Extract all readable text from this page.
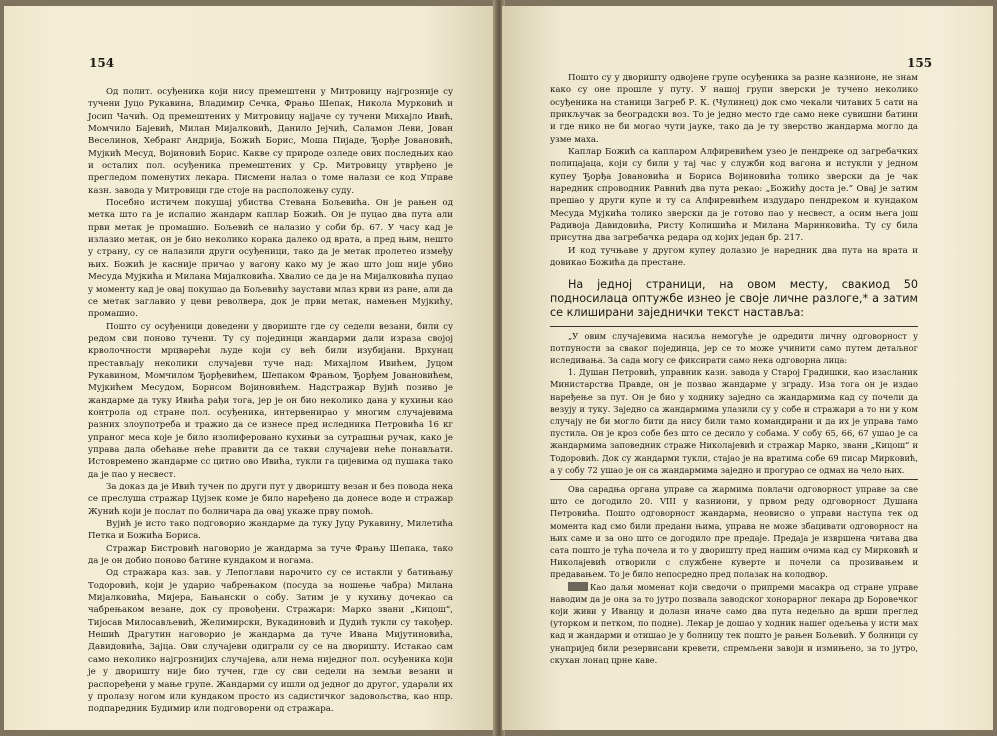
154

Од полит. осуђеника који нису премештени у Митровицу најгрозније су тучени Јуцо Рукавина, Владимир Сечка, Фрањо Шепак, Никола Мурковић и Јосип Чачић. Од премештених у Митровицу најјаче су тучени Михајло Ивић, Момчило Бајевић, Милан Мијалковић, Данило Јејчић, Саламон Леви, Јован Веселинов, Хебранг Андрија, Божић Борис, Моша Пијаде, Ђорђе Јовановић, Мујкић Месуд, Војиновић Борис. Какве су природе озледе ових последњих као и осталих пол. осуђеника премештених у Ср. Митровицу утврђено је прегледом поменутих лекара. Писмени налаз о томе налази се код Управе казн. завода у Митровици где стоје на расположењу суду.

Посебно истичем покушај убиства Стевана Бољевића. Он је рањен од метка што га је испалио жандарм каплар Божић. Он је пуцао два пута али први метак је промашио. Бољевић се налазио у соби бр. 67. У часу кад је излазио метак, он је био неколико корака далеко од врата, а пред њим, нешто у страну, су се налазили други осуђеници, тако да је метак пролетео између њих. Божић је касније причао у вагону како му је жао што још није убио Месуда Мујкића и Милана Мијалковића. Хвалио се да је на Мијалковића пуцао у моменту кад је овај покушао да Бољевићу заустави млаз крви из ране, али да се метак заглавио у цеви револвера, док је први метак, намењен Мујкићу, промашио.

Пошто су осуђеници доведени у двориште где су седели везани, били су редом сви поново тучени. Ту су појединци жандарми дали израза својој крволочности мрцварећи људе који су већ били изубијани. Врхунац престављају неколики случајеви туче над: Михајлом Ивићем, Јуцом Рукавином, Момчилом Ђорђевићем, Шепаком Фрањом, Ђорђем Јовановићем, Мујкићем Месудом, Борисом Војиновићем. Надстражар Вујић позиво је жандарме да туку Ивића рађи тога, јер је он био неколико дана у кухињи као контрола од стране пол. осуђеника, интервенирао у многим случајевима разних злоупотреба и тражио да се изнесе пред иследника Петровића 16 кг упраног меса које је било изолиферовано кухињи за сутрашњи ручак, како је управа дала обећање неће правити да се такви случајеви неће понављати. Истовремено жандарме сс цитио ово Ивића, тукли га цијевима од пушака тако да је пао у несвест.

За доказ да је Ивић тучен по други пут у дворишту везан и без повода нека се преслуша стражар Цујзек коме је било наређено да донесе воде и стражар Жунић који је послат по болничара да овај укаже прву помоћ.

Вујић је исто тако подговорио жандарме да туку Јуцу Рукавину, Милетића Петка и Божића Бориса.

Стражар Бистровић наговорио је жандарма за туче Фрању Шепака, тако да је он добио поново батине кундаком и ногама.

Од стражара каз. зав. у Лепоглави нарочито су се истакли у батињању Тодоровић, који је ударио чабрењаком (посуда за ношење чабра) Милана Мијалковића, Мијера, Бањански о собу. Затим је у кухињу дочекао са чабрењаком везане, док су провођени. Стражари: Марко звани „Кицош“, Тијосав Милосављевић, Желимирски, Вукадиновић и Дудић тукли су такођер. Нешић Драгутин наговорио је жандарма да туче Ивана Мијутиновића, Давидовића, Зајца. Ови случајеви одиграли су се на дворишту. Истакао сам само неколико најгрознијих случајева, али нема ниједног пол. осуђеника који је у дворишту није био тучен, где су сви седели на земљи везани и распоређени у мање групе. Жандарми су ишли од једног до другог, ударали их у пролазу ногом или кундаком просто из садистичког задовољства, као нпр. подпаредник Будимир или подговорени од стражара.

155

Пошто су у дворишту одвојене групе осуђеника за разне казнионе, не знам како су оне прошле у путу. У нашој групи зверски је тучено неколико осуђеника на станици Загреб Р. К. (Чулинец) док смо чекали читавих 5 сати на прикључак за београдски воз. То је једно место где само неке сувишни батини и где нико не би могао чути јауке, тако да је ту зверство жандарма могло да узме маха.

Каплар Божић са капларом Алфиревићем узео је пендреке од загребачких полицајаца, који су били у тај час у служби код вагона и истукли у једном купеу Ђорђа Јовановића и Бориса Војиновића толико зверски да је чак наредник спроводник Равнић два пута рекао: „Божићу доста је.“ Овај је затим прешао у други купе и ту са Алфиревићем издударо пендреком и кундаком Месуда Мујкића толико зверски да је готово пао у несвест, а осим њега још Радивоја Давидовића, Ристу Колишића и Милана Маринковића. Ту су била присутна два загребачка редара од којих један бр. 217.

И код тучњаве у другом купеу долазио је наредник два пута на врата и довикао Божића да престане.

На једној страници, на овом месту, свакиод 50 подносилаца оптужбе изнео је своје личне разлоге,* а затим се клиширани заједнички текст наставља:

„У овим случајевима насиља немогуће је одредити личну одговорност у потпуности за сваког појединца, јер се то може учинити само путем детаљног иследивања. За сада могу се фиксирати само нека одговорна лица:

1. Душан Петровић, управник казн. завода у Старој Градишки, као изасланик Министарства Правде, он је позвао жандарме у зграду. Иза тога он је издао наређење за пут. Он је био у ходнику заједно са жандармима кад су почели да везују и туку. Заједно са жандармима улазили су у собе и стражари а то ни у ком случају не би могло бити да нису били тамо командирани и да их је управа тамо пустила. Он је кроз собе без што се десило у собама. У собу 65, 66, 67 ушао је са жандармима заповедник страже Николајевић и стражар Марко, звани „Кицош“ и Тодоровић. Док су жандарми тукли, стајао је на вратима собе 69 писар Мирковић, а у собу 72 ушао је он са жандармима заједно и прогурао се одмах на чело њих.

Ова сарадња органа управе са жармима повлачи одговорност управе за све што се догодило 20. VIII у казниони, у првом реду одговорност Душана Петровића. Пошто одговорност жандарма, неовисно о управи наступа тек од момента кад смо били предани њима, управа не може збацивати одговорност на њих саме и за оно што се догодило пре предаје. Предаја је извршена читава два сата пошто је тућа почела и то у дворишту пред нашим очима кад су Мирковић и Николајевић отворили с службене куверте и почели са прозивањем и предавањем. То је било непосредно пред полазак на колодвор.

Као даљи моменат који сведочи о припреми масакра од стране управе наводим да је она за то јутро позвала заводског хонорарног лекара др Боровечког који живи у Иванцу и долази иначе само два пута недељно да врши преглед (уторком и петком, по подне). Лекар је дошао у ходник нашег одељења у исти мах кад и жандарми и отишао је у болницу тек пошто је рањен Бољевић. У болници су унапријед били резервисани кревети, спремљени завоји и измињено, за то јутро, скухан лонац црне каве.
